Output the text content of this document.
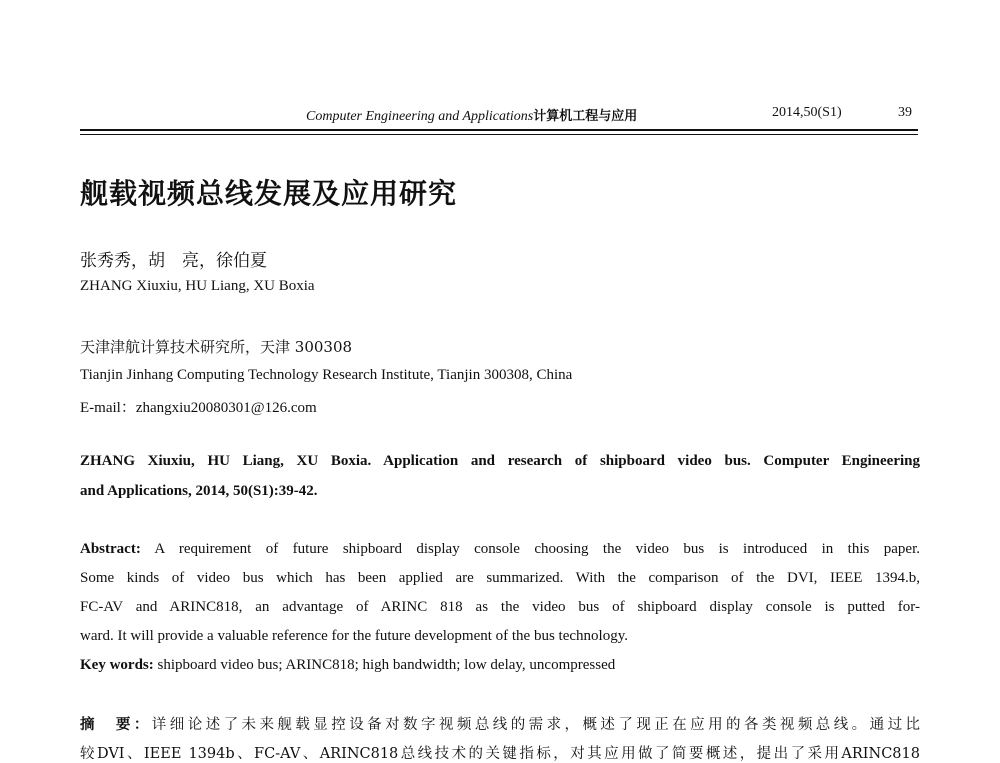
Computer Engineering and Applications计算机工程与应用	2014,50(S1)	39
舰载视频总线发展及应用研究
张秀秀，胡　亮，徐伯夏
ZHANG Xiuxiu, HU Liang, XU Boxia
天津津航计算技术研究所，天津 300308
Tianjin Jinhang Computing Technology Research Institute, Tianjin 300308, China
E-mail：zhangxiu20080301@126.com
ZHANG Xiuxiu, HU Liang, XU Boxia. Application and research of shipboard video bus. Computer Engineering
and Applications, 2014, 50(S1):39-42.
Abstract: A requirement of future shipboard display console choosing the video bus is introduced in this paper.
Some kinds of video bus which has been applied are summarized. With the comparison of the DVI, IEEE 1394.b,
FC-AV and ARINC818, an advantage of ARINC 818 as the video bus of shipboard display console is putted for-
ward. It will provide a valuable reference for the future development of the bus technology.
Key words: shipboard video bus; ARINC818; high bandwidth; low delay, uncompressed
摘　要：详细论述了未来舰载显控设备对数字视频总线的需求，概述了现正在应用的各类视频总线。通过比
较DVI、IEEE 1394b、FC-AV、ARINC818总线技术的关键指标，对其应用做了简要概述，提出了采用ARINC818
